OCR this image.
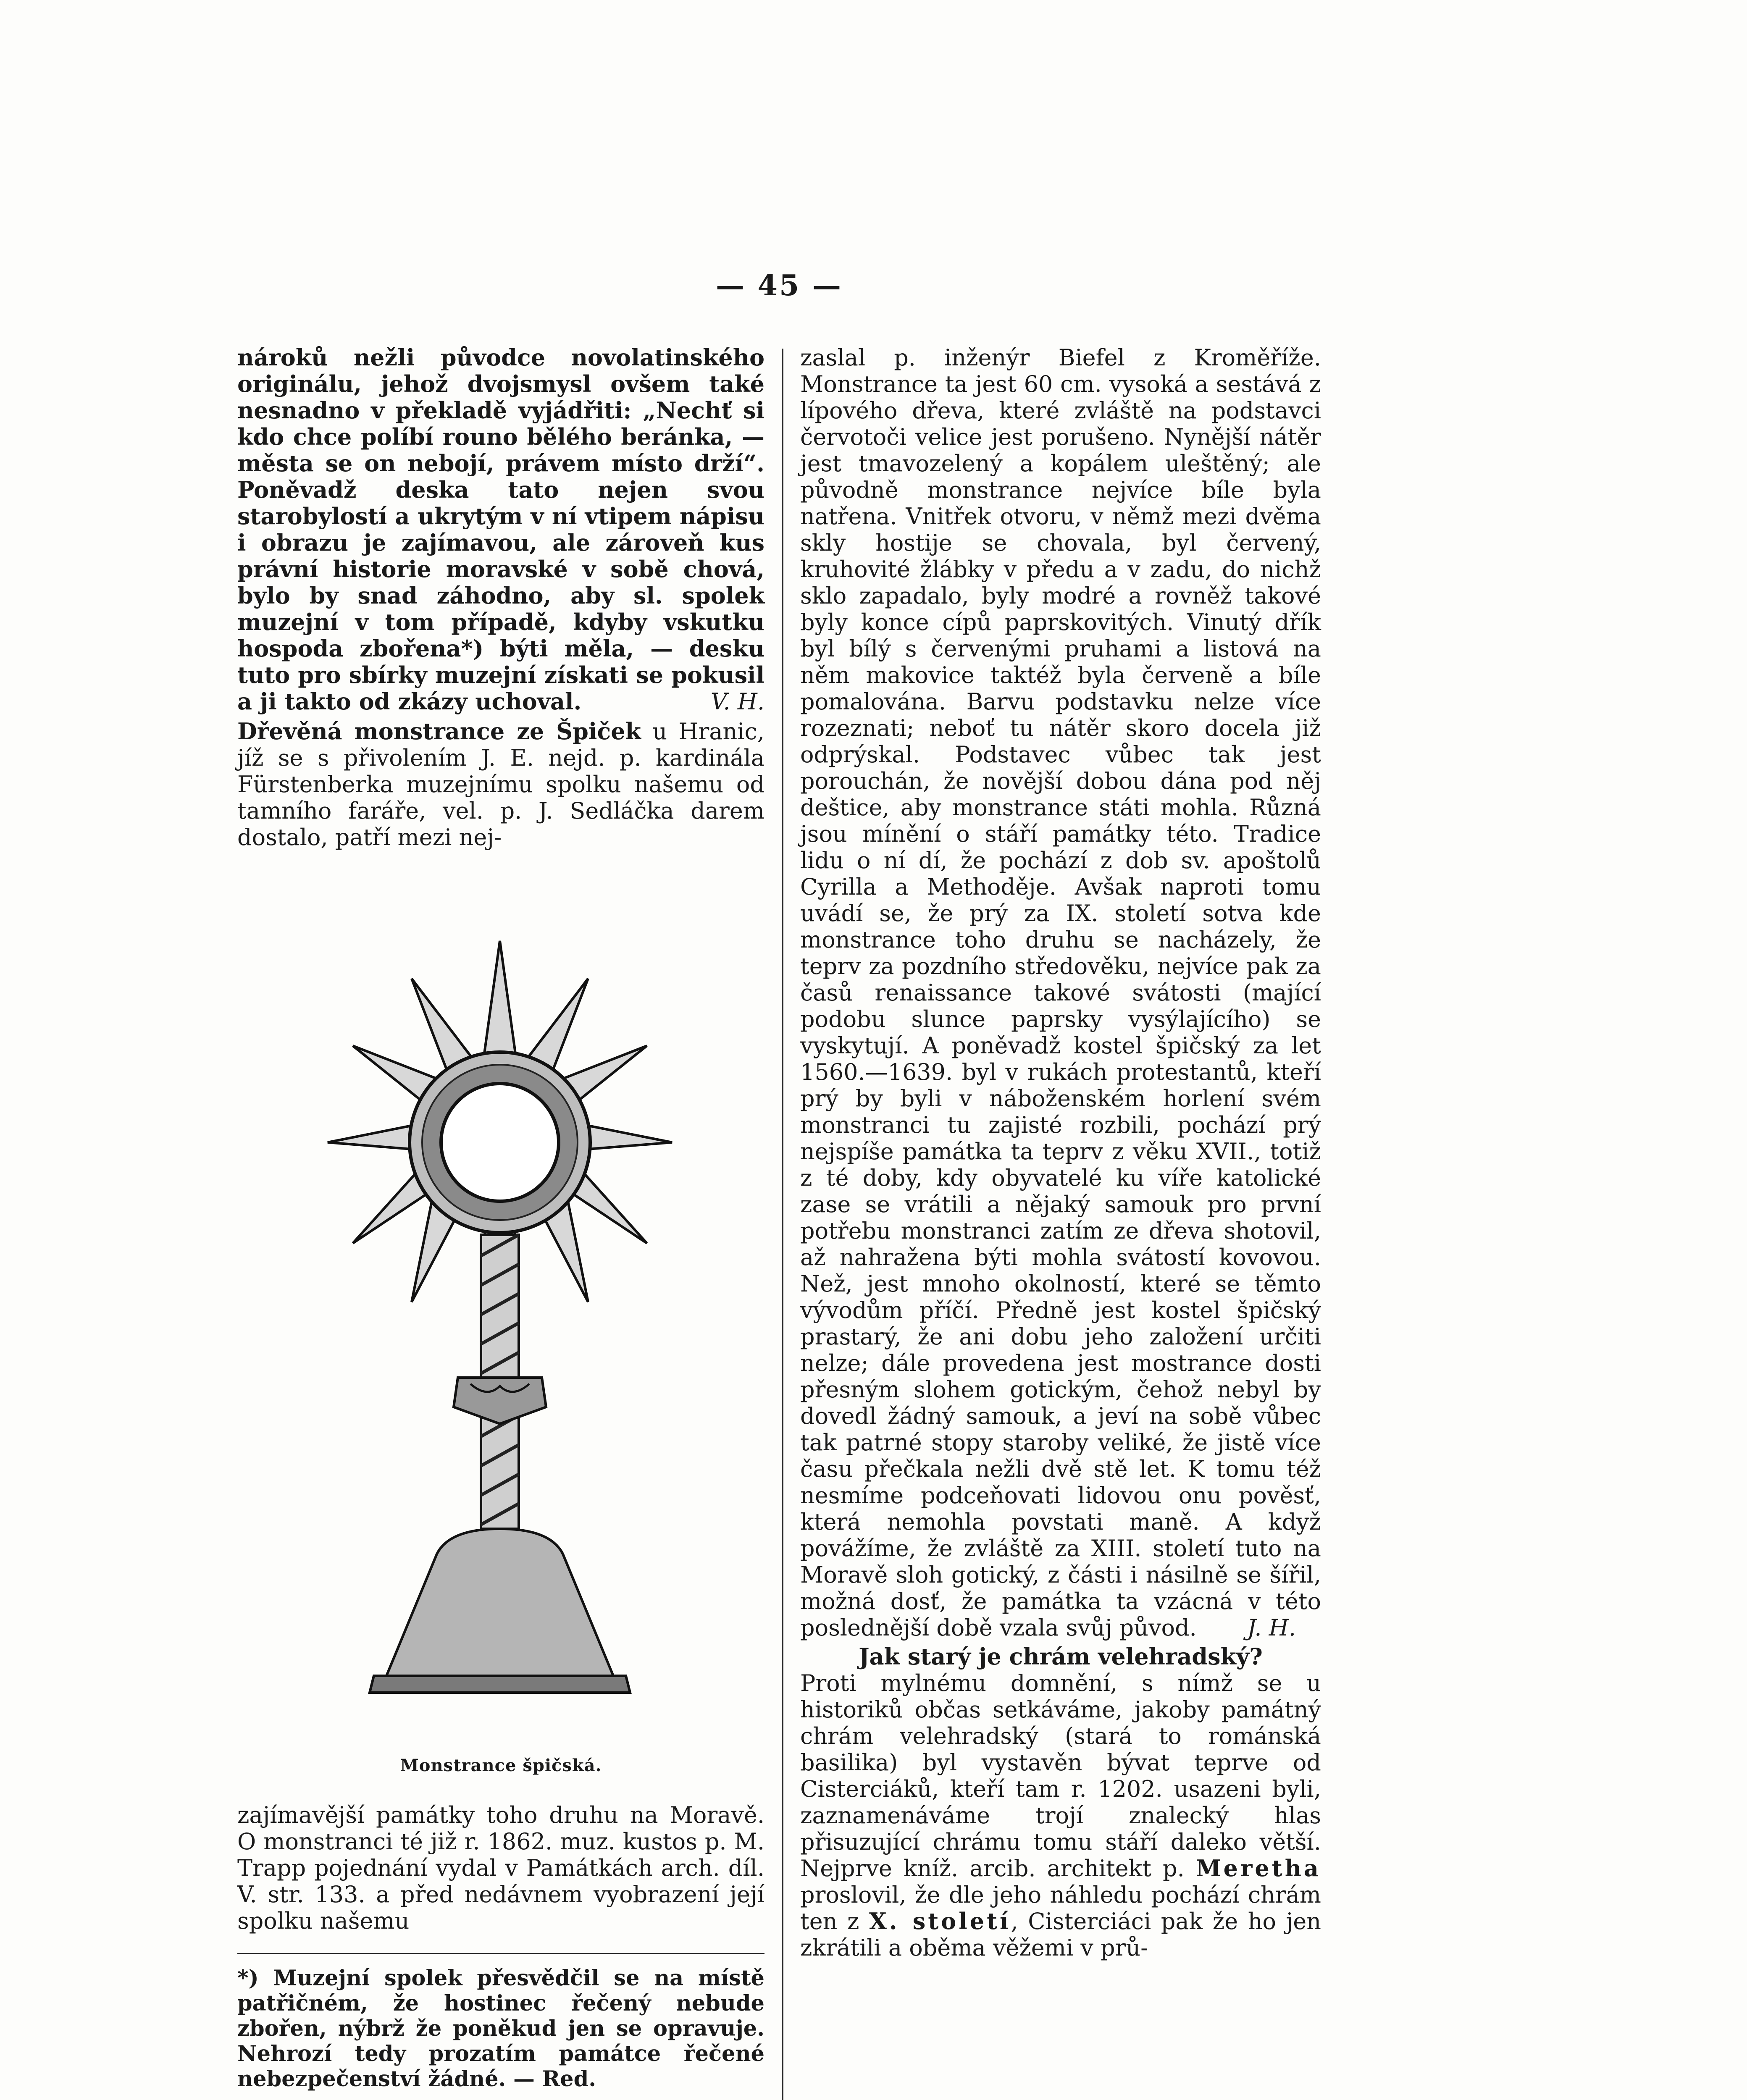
— 45 —

nároků nežli původce novolatinského originálu, jehož dvojsmysl ovšem také nesnadno v překladě vyjádřiti: „Nechť si kdo chce políbí rouno bělého beránka, — města se on nebojí, právem místo drží“. Poněvadž deska tato nejen svou starobylostí a ukrytým v ní vtipem nápisu i obrazu je zajímavou, ale zároveň kus právní historie moravské v sobě chová, bylo by snad záhodno, aby sl. spolek muzejní v tom případě, kdyby vskutku hospoda zbořena*) býti měla, — desku tuto pro sbírky muzejní získati se pokusil a ji takto od zkázy uchoval.	V. H.

Dřevěná monstrance ze Špiček u Hranic, jíž se s přivolením J. E. nejd. p. kardinála Fürstenberka muzejnímu spolku našemu od tamního faráře, vel. p. J. Sedláčka darem dostalo, patří mezi nej-

Monstrance špičská.
zajímavější památky toho druhu na Moravě. O monstranci té již r. 1862. muz. kustos p. M. Trapp pojednání vydal v Památkách arch. díl. V. str. 133. a před nedávnem vyobrazení její spolku našemu
*) Muzejní spolek přesvědčil se na místě patřičném, že hostinec řečený nebude zbořen, nýbrž že poněkud jen se opravuje. Nehrozí tedy prozatím památce řečené nebezpečenství žádné. — Red.

zaslal p. inženýr Biefel z Kroměříže. Monstrance ta jest 60 cm. vysoká a sestává z lípového dřeva, které zvláště na podstavci červotoči velice jest porušeno. Nynější nátěr jest tmavozelený a kopálem uleštěný; ale původně monstrance nejvíce bíle byla natřena. Vnitřek otvoru, v němž mezi dvěma skly hostije se chovala, byl červený, kruhovité žlábky v předu a v zadu, do nichž sklo zapadalo, byly modré a rovněž takové byly konce cípů paprskovitých. Vinutý dřík byl bílý s červenými pruhami a listová na něm makovice taktéž byla červeně a bíle pomalována. Barvu podstavku nelze více rozeznati; neboť tu nátěr skoro docela již odprýskal. Podstavec vůbec tak jest porouchán, že novější dobou dána pod něj deštice, aby monstrance státi mohla. Různá jsou mínění o stáří památky této. Tradice lidu o ní dí, že pochází z dob sv. apoštolů Cyrilla a Methoděje. Avšak naproti tomu uvádí se, že prý za IX. století sotva kde monstrance toho druhu se nacházely, že teprv za pozdního středověku, nejvíce pak za časů renaissance takové svátosti (mající podobu slunce paprsky vysýlajícího) se vyskytují. A poněvadž kostel špičský za let 1560.—1639. byl v rukách protestantů, kteří prý by byli v náboženském horlení svém monstranci tu zajisté rozbili, pochází prý nejspíše památka ta teprv z věku XVII., totiž z té doby, kdy obyvatelé ku víře katolické zase se vrátili a nějaký samouk pro první potřebu monstranci zatím ze dřeva shotovil, až nahražena býti mohla svátostí kovovou. Než, jest mnoho okolností, které se těmto vývodům příčí. Předně jest kostel špičský prastarý, že ani dobu jeho založení určiti nelze; dále provedena jest mostrance dosti přesným slohem gotickým, čehož nebyl by dovedl žádný samouk, a jeví na sobě vůbec tak patrné stopy staroby veliké, že jistě více času přečkala nežli dvě stě let. K tomu též nesmíme podceňovati lidovou onu pověsť, která nemohla povstati maně. A když povážíme, že zvláště za XIII. století tuto na Moravě sloh gotický, z části i násilně se šířil, možná dosť, že památka ta vzácná v této poslednější době vzala svůj původ. J. H.

Jak starý je chrám velehradský?

Proti mylnému domnění, s nímž se u historiků občas setkáváme, jakoby památný chrám velehradský (stará to románská basilika) byl vystavěn bývat teprve od Cisterciáků, kteří tam r. 1202. usazeni byli, zaznamenáváme trojí znalecký hlas přisuzující chrámu tomu stáří daleko větší. Nejprve kníž. arcib. architekt p. Meretha proslovil, že dle jeho náhledu pochází chrám ten z X. století, Cisterciáci pak že ho jen zkrátili a oběma věžemi v prů-
